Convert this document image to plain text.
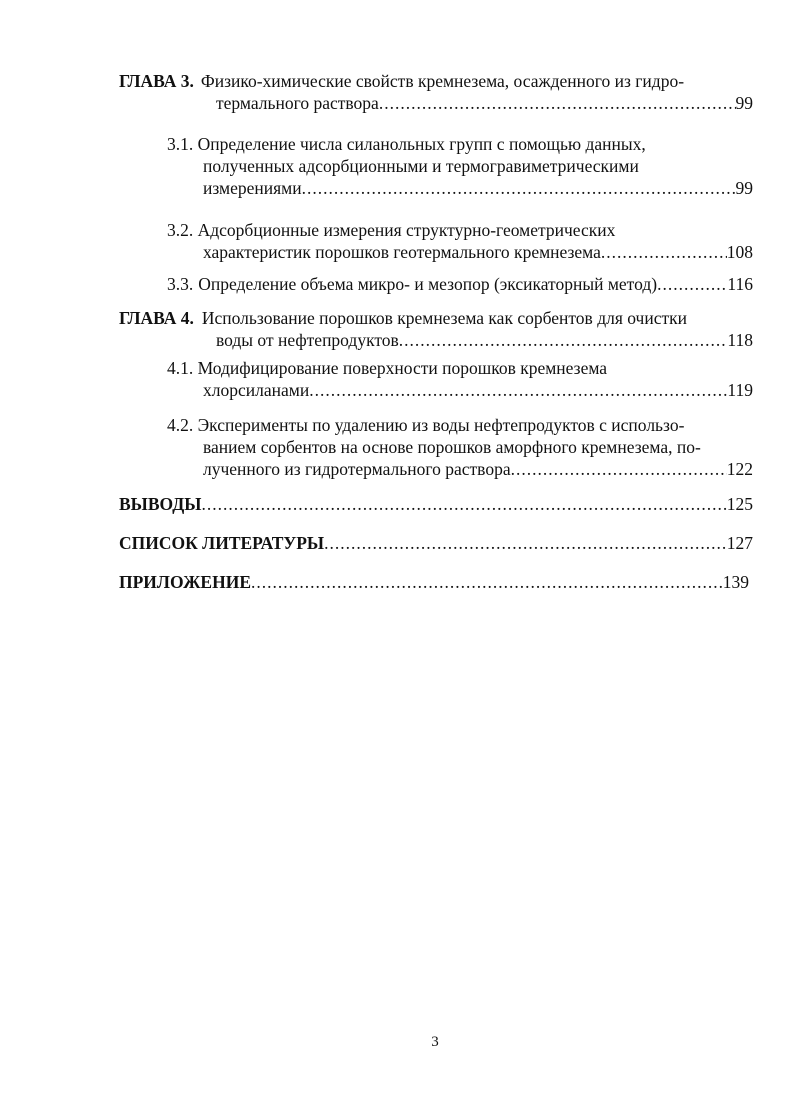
ГЛАВА 3. Физико-химические свойств кремнезема, осажденного из гидро-
термального раствора .....	99
3.1. Определение числа силанольных групп с помощью данных,
полученных адсорбционными и термогравиметрическими
измерениями .....	99
3.2. Адсорбционные измерения структурно-геометрических
характеристик порошков геотермального кремнезема .....	108
3.3. Определение объема микро- и мезопор (эксикаторный метод) .....	116
ГЛАВА 4. Использование порошков кремнезема как сорбентов для очистки
воды от нефтепродуктов .....	118
4.1. Модифицирование поверхности порошков кремнезема
хлорсиланами .....	119
4.2. Эксперименты по удалению из воды нефтепродуктов с использо-
ванием сорбентов на основе порошков аморфного кремнезема, по-
лученного из гидротермального раствора .....	122
ВЫВОДЫ .....	125
СПИСОК ЛИТЕРАТУРЫ .....	127
ПРИЛОЖЕНИЕ .....	139
3
